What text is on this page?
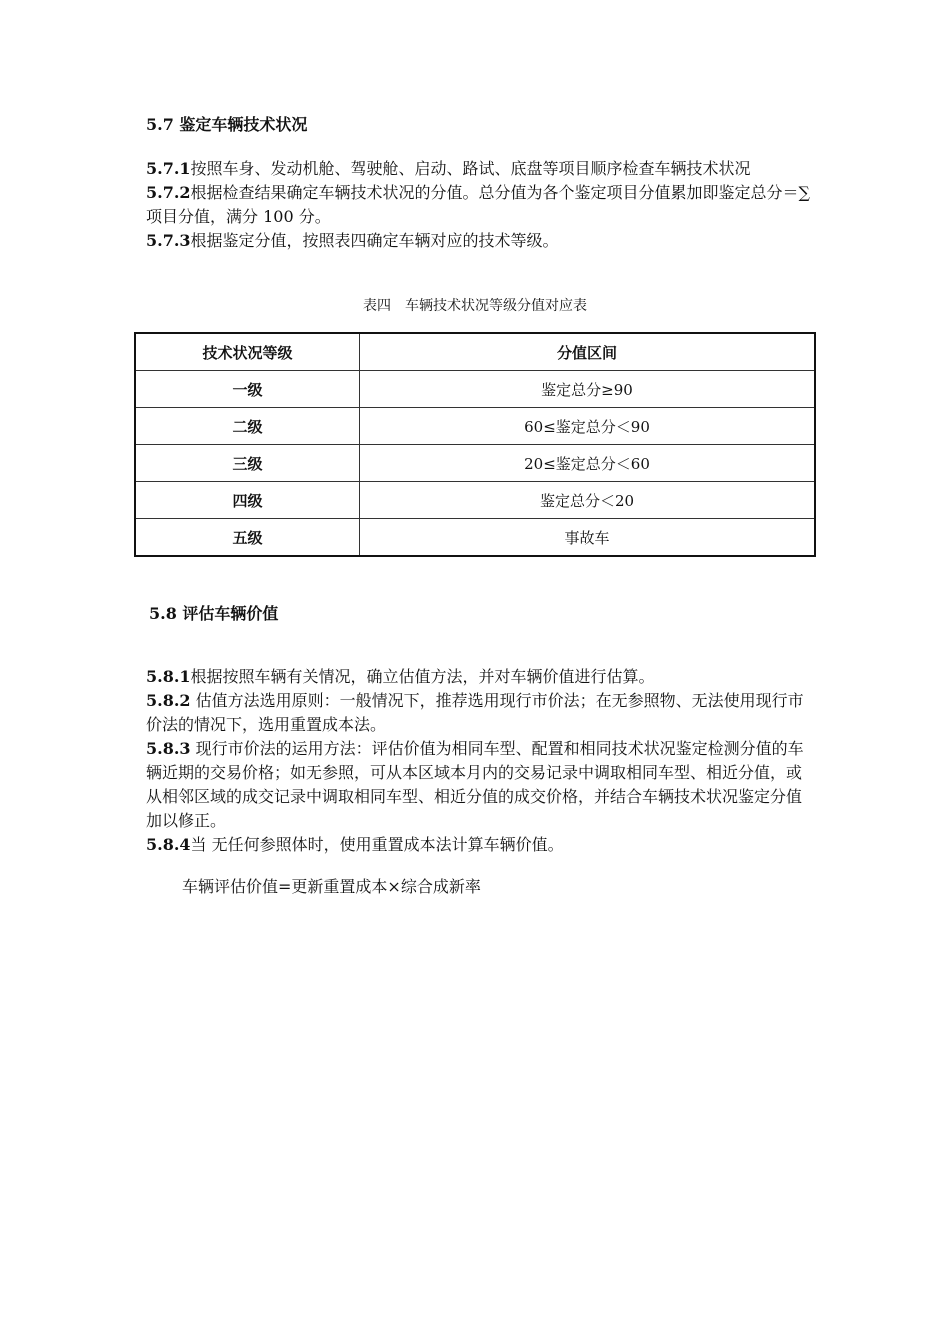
5.7 鉴定车辆技术状况

5.7.1按照车身、发动机舱、驾驶舱、启动、路试、底盘等项目顺序检查车辆技术状况

5.7.2根据检查结果确定车辆技术状况的分值。总分值为各个鉴定项目分值累加即鉴定总分＝∑项目分值，满分 100 分。

5.7.3根据鉴定分值，按照表四确定车辆对应的技术等级。

表四　车辆技术状况等级分值对应表
技术状况等级	分值区间
一级	鉴定总分≥90
二级	60≤鉴定总分＜90
三级	20≤鉴定总分＜60
四级	鉴定总分＜20
五级	事故车
5.8 评估车辆价值

5.8.1根据按照车辆有关情况，确立估值方法，并对车辆价值进行估算。

5.8.2 估值方法选用原则：一般情况下，推荐选用现行市价法；在无参照物、无法使用现行市价法的情况下，选用重置成本法。

5.8.3 现行市价法的运用方法：评估价值为相同车型、配置和相同技术状况鉴定检测分值的车辆近期的交易价格；如无参照，可从本区域本月内的交易记录中调取相同车型、相近分值，或从相邻区域的成交记录中调取相同车型、相近分值的成交价格，并结合车辆技术状况鉴定分值加以修正。

5.8.4当 无任何参照体时，使用重置成本法计算车辆价值。

车辆评估价值=更新重置成本×综合成新率
